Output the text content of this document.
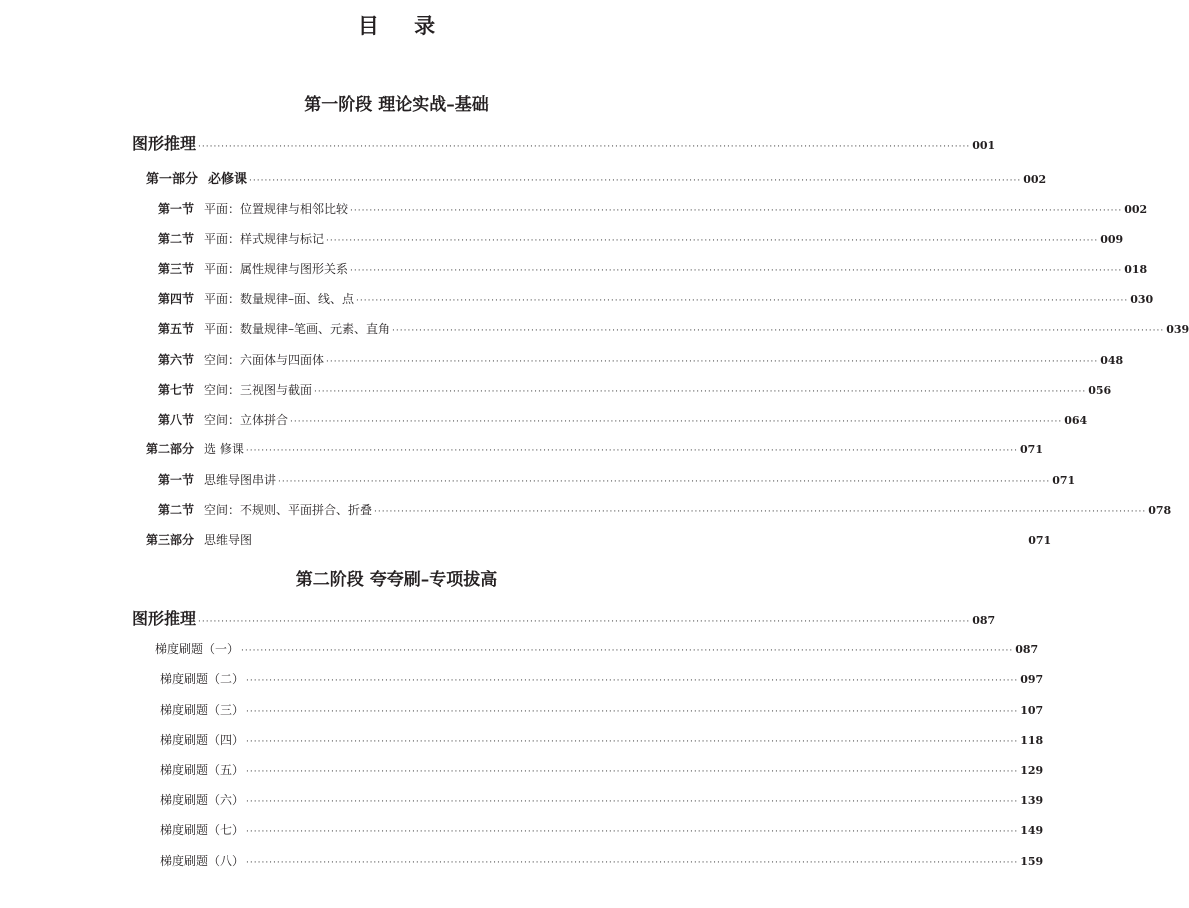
目 录
第一阶段 理论实战–基础
图形推理 ········································································································································································································ 001
第一部分 必修课 ········································································································································································································ 002
第一节 平面：位置规律与相邻比较 ········································································································································································································ 002
第二节 平面：样式规律与标记 ········································································································································································································ 009
第三节 平面：属性规律与图形关系 ········································································································································································································ 018
第四节 平面：数量规律–面、线、点 ········································································································································································································ 030
第五节 平面：数量规律–笔画、元素、直角 ········································································································································································································ 039
第六节 空间：六面体与四面体 ········································································································································································································ 048
第七节 空间：三视图与截面 ········································································································································································································ 056
第八节 空间：立体拼合 ········································································································································································································ 064
第二部分 选 修课 ········································································································································································································ 071
第一节 思维导图串讲 ········································································································································································································ 071
第二节 空间：不规则、平面拼合、折叠 ········································································································································································································ 078
第三部分 思维导图	071
第二阶段 夸夸刷–专项拔高
图形推理 ········································································································································································································ 087
梯度刷题（一） ········································································································································································································ 087
梯度刷题（二） ········································································································································································································ 097
梯度刷题（三） ········································································································································································································ 107
梯度刷题（四） ········································································································································································································ 118
梯度刷题（五） ········································································································································································································ 129
梯度刷题（六） ········································································································································································································ 139
梯度刷题（七） ········································································································································································································ 149
梯度刷题（八） ········································································································································································································ 159
